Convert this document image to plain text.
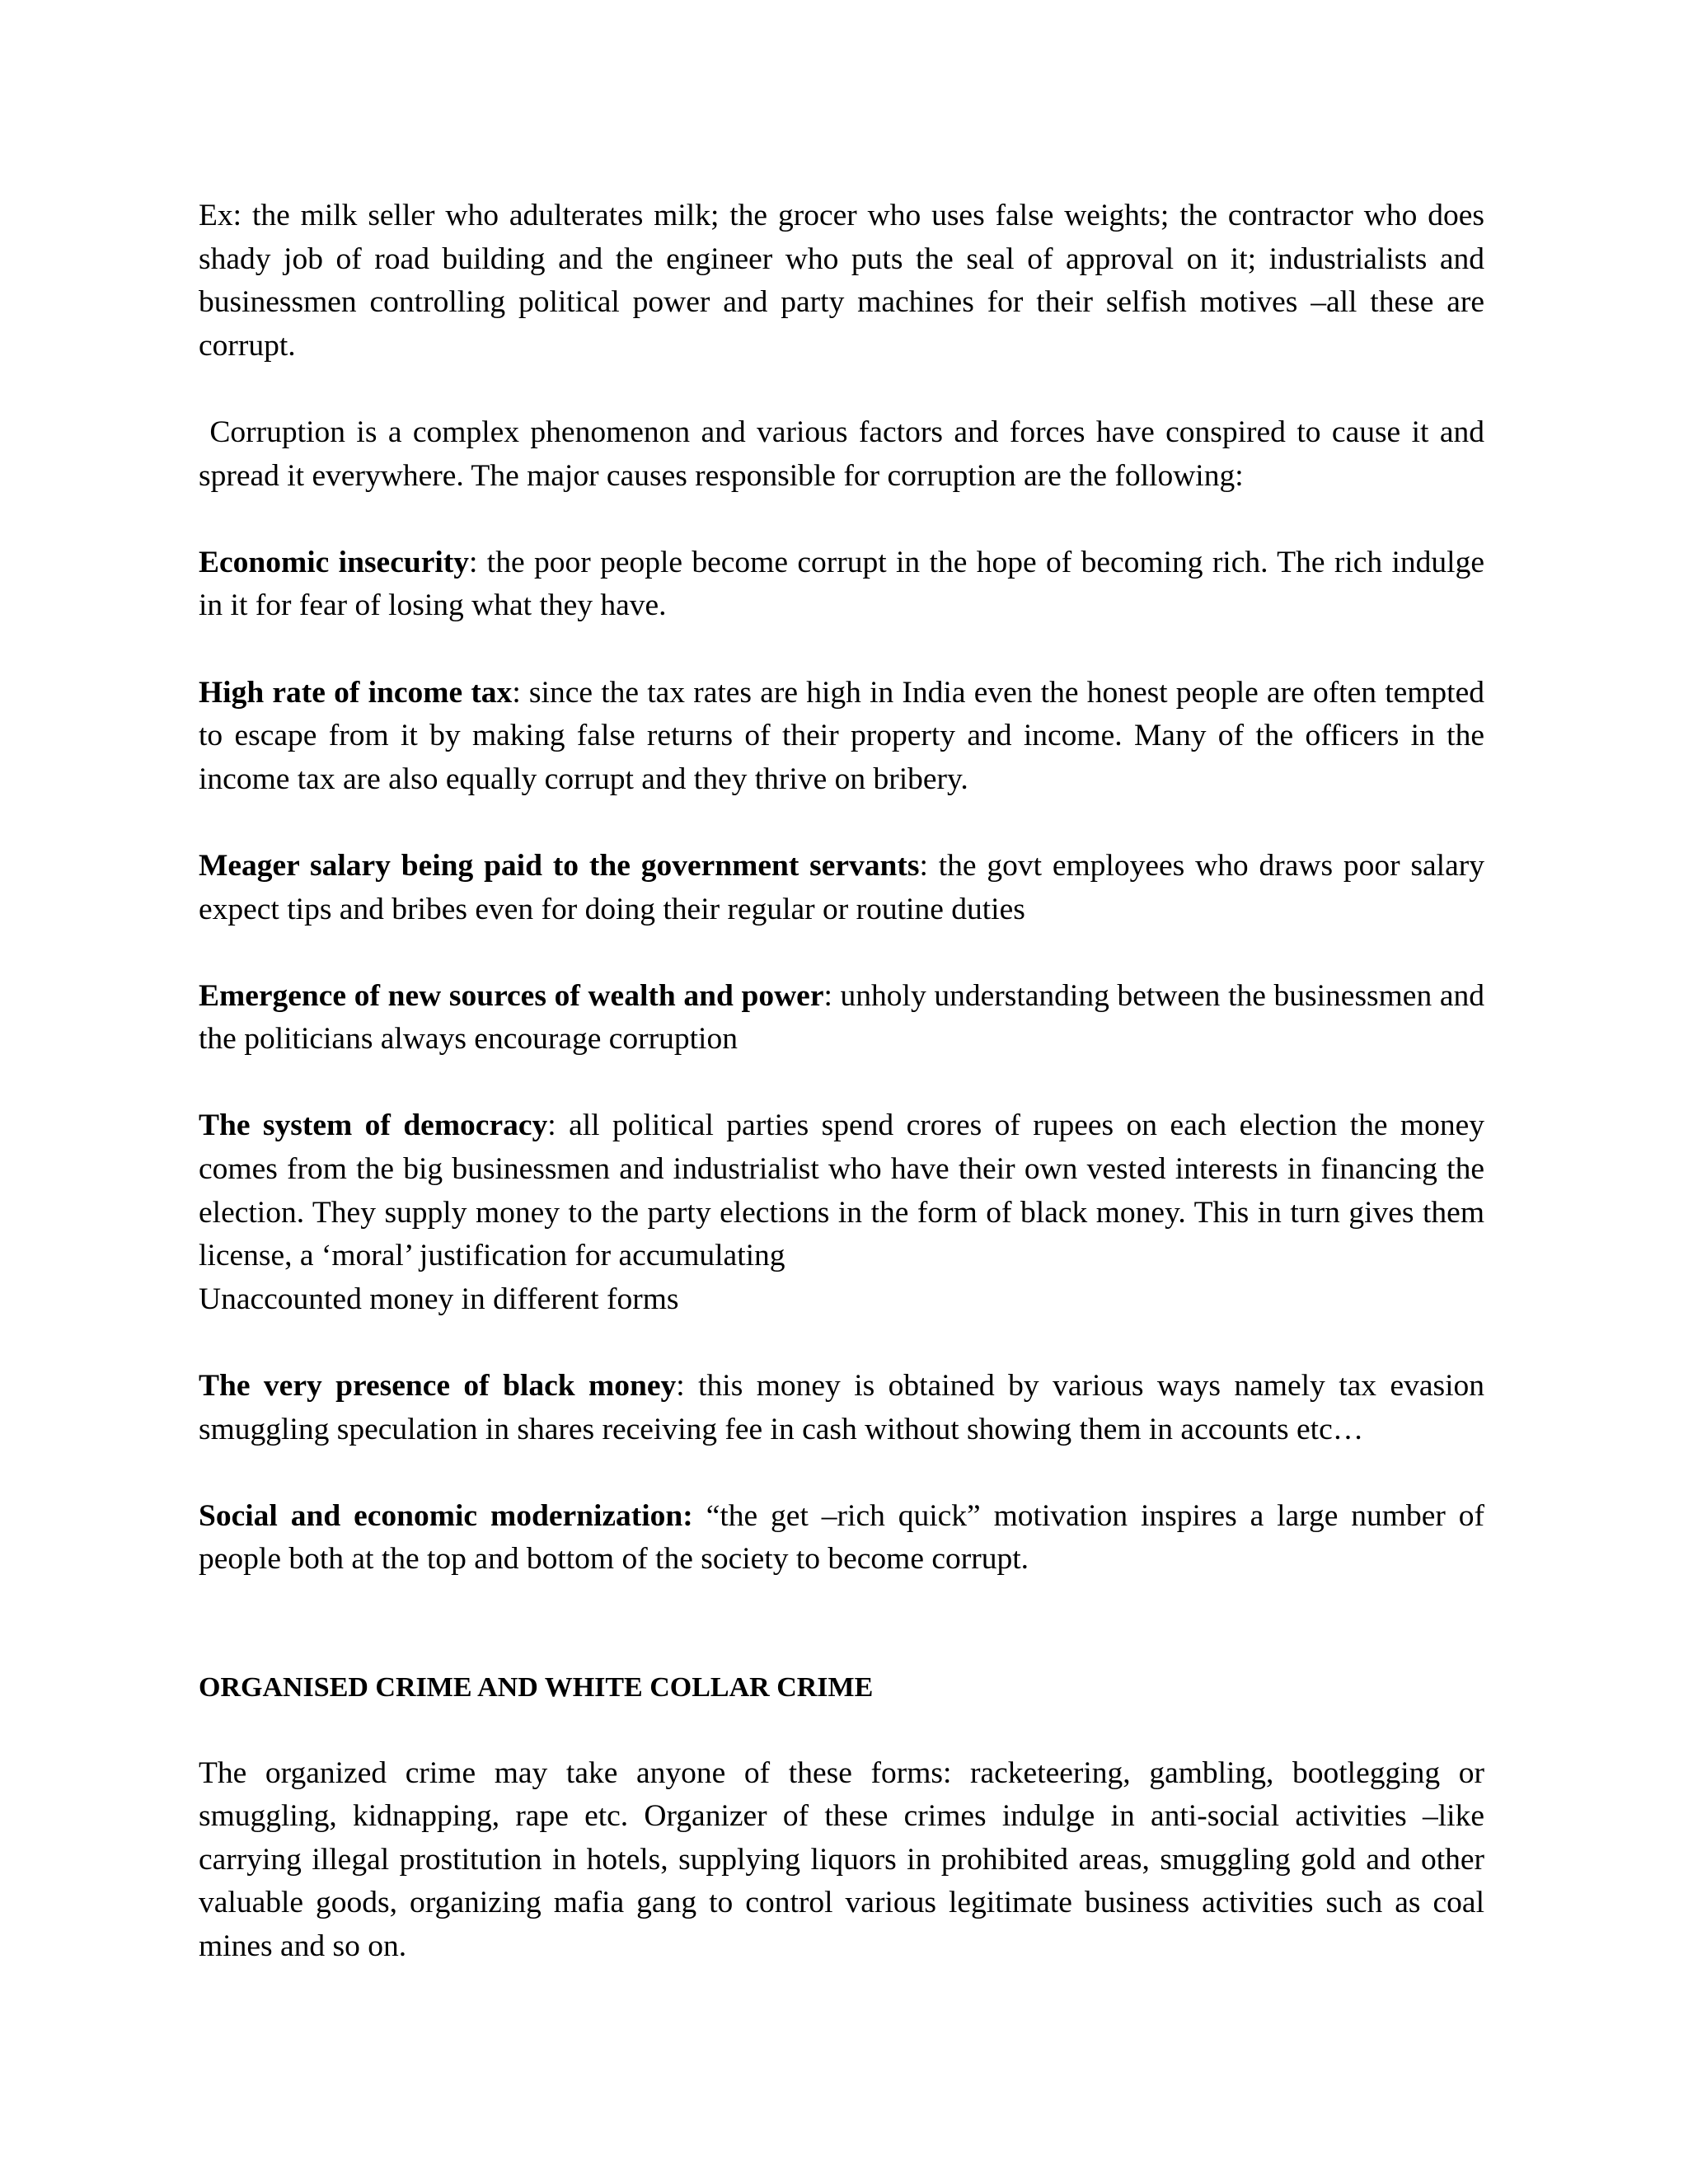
Ex: the milk seller who adulterates milk; the grocer who uses false weights; the contractor who does shady job of road building and the engineer who puts the seal of approval on it; industrialists and businessmen controlling political power and party machines for their selfish motives –all these are corrupt.

Corruption is a complex phenomenon and various factors and forces have conspired to cause it and spread it everywhere. The major causes responsible for corruption are the following:

Economic insecurity: the poor people become corrupt in the hope of becoming rich. The rich indulge in it for fear of losing what they have.

High rate of income tax: since the tax rates are high in India even the honest people are often tempted to escape from it by making false returns of their property and income. Many of the officers in the income tax are also equally corrupt and they thrive on bribery.

Meager salary being paid to the government servants: the govt employees who draws poor salary expect tips and bribes even for doing their regular or routine duties

Emergence of new sources of wealth and power: unholy understanding between the businessmen and the politicians always encourage corruption

The system of democracy: all political parties spend crores of rupees on each election the money comes from the big businessmen and industrialist who have their own vested interests in financing the election. They supply money to the party elections in the form of black money. This in turn gives them license, a ‘moral’ justification for accumulating

Unaccounted money in different forms

The very presence of black money: this money is obtained by various ways namely tax evasion smuggling speculation in shares receiving fee in cash without showing them in accounts etc…

Social and economic modernization: “the get –rich quick” motivation inspires a large number of people both at the top and bottom of the society to become corrupt.

ORGANISED CRIME AND WHITE COLLAR CRIME

The organized crime may take anyone of these forms: racketeering, gambling, bootlegging or smuggling, kidnapping, rape etc. Organizer of these crimes indulge in anti-social activities –like carrying illegal prostitution in hotels, supplying liquors in prohibited areas, smuggling gold and other valuable goods, organizing mafia gang to control various legitimate business activities such as coal mines and so on.
